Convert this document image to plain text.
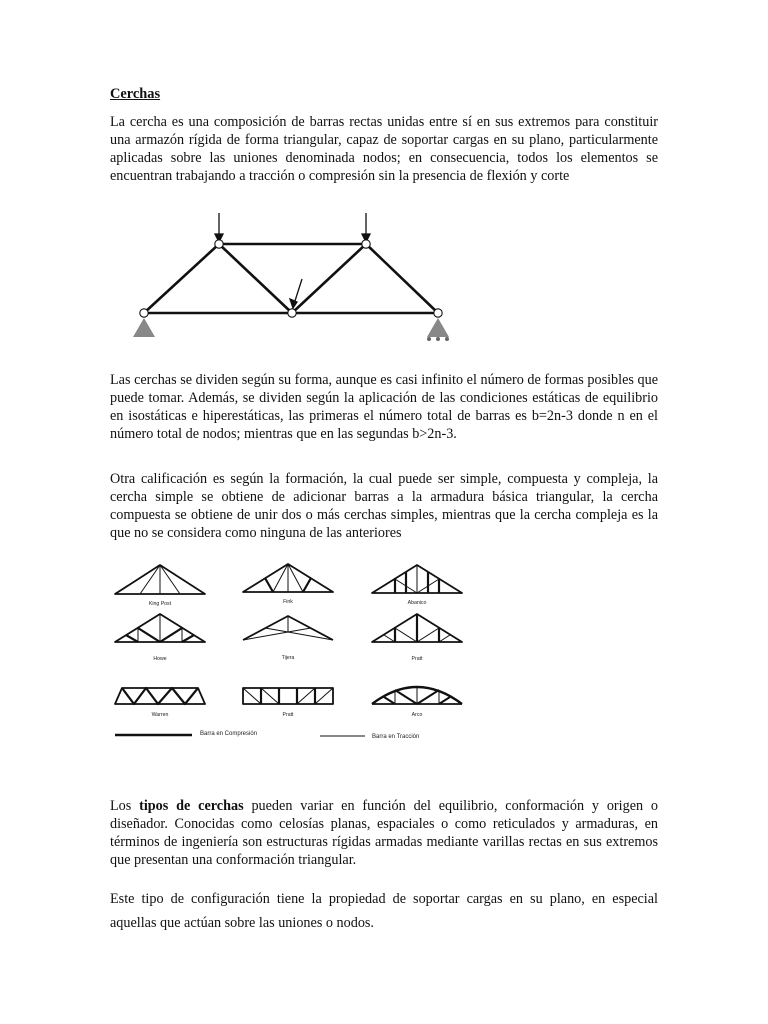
Cerchas

La cercha es una composición de barras rectas unidas entre sí en sus extremos para constituir una armazón rígida de forma triangular, capaz de soportar cargas en su plano, particularmente aplicadas sobre las uniones denominada nodos; en consecuencia, todos los elementos se encuentran trabajando a tracción o compresión sin la presencia de flexión y corte

Las cerchas se dividen según su forma, aunque es casi infinito el número de formas posibles que puede tomar. Además, se dividen según la aplicación de las condiciones estáticas de equilibrio en isostáticas e hiperestáticas, las primeras el número total de barras es b=2n-3 donde n en el número total de nodos; mientras que en las segundas b>2n-3.

Otra calificación es según la formación, la cual puede ser simple, compuesta y compleja, la cercha simple se obtiene de adicionar barras a la armadura básica triangular, la cercha compuesta se obtiene de unir dos o más cerchas simples, mientras que la cercha compleja es la que no se considera como ninguna de las anteriores

King Post	Fink	Abanico
Howe	Tijera	Pratt
Warren	Pratt	Arco
Barra en Compresión	Barra en Tracción

Los tipos de cerchas pueden variar en función del equilibrio, conformación y origen o diseñador. Conocidas como celosías planas, espaciales o como reticulados y armaduras, en términos de ingeniería son estructuras rígidas armadas mediante varillas rectas en sus extremos que presentan una conformación triangular.

Este tipo de configuración tiene la propiedad de soportar cargas en su plano, en especial aquellas que actúan sobre las uniones o nodos.
